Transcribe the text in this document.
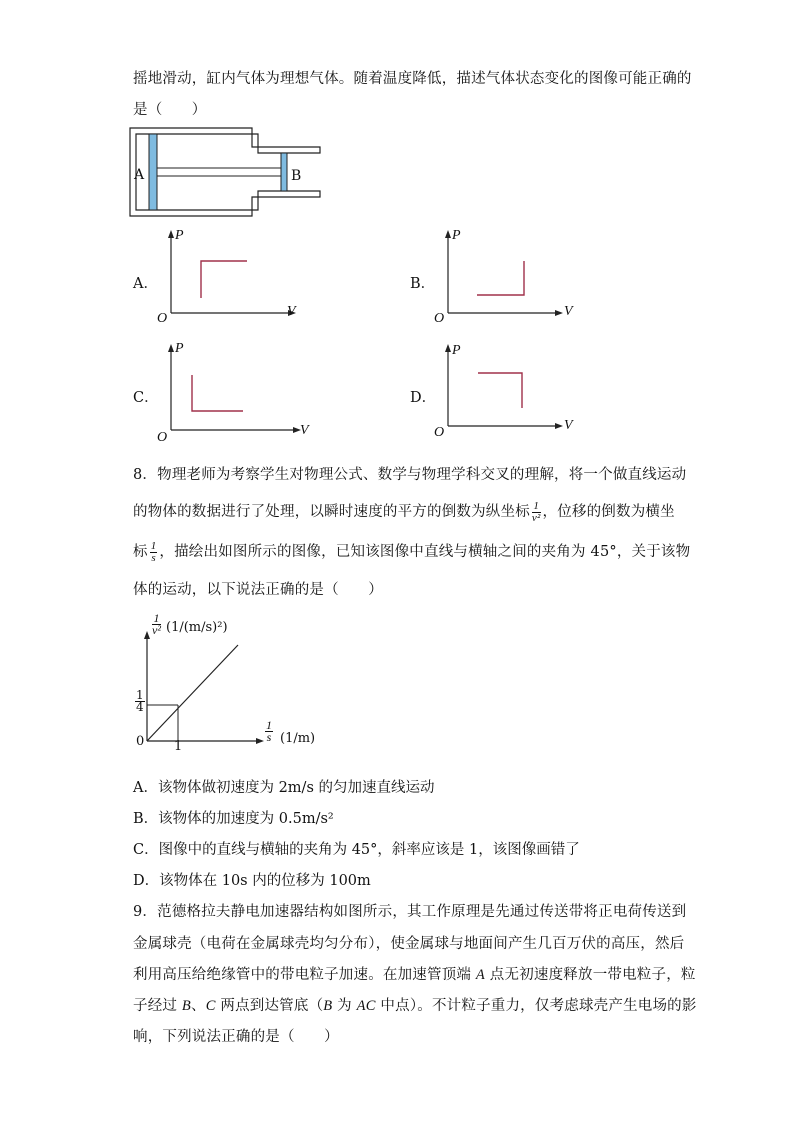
摇地滑动，缸内气体为理想气体。随着温度降低，描述气体状态变化的图像可能正确的
是（　　）
A	B
A．
P
V
O
B．
P
V
O
C．
P
V
O
D．
P
V
O
8．物理老师为考察学生对物理公式、数学与物理学科交叉的理解，将一个做直线运动
的物体的数据进行了处理，以瞬时速度的平方的倒数为纵坐标 $\frac{1}{\text{v²}}$ ，位移的倒数为横坐
标 $\frac{1}{s}$ ，描绘出如图所示的图像，已知该图像中直线与横轴之间的夹角为 45°，关于该物
体的运动，以下说法正确的是（　　）
$\frac{1}{\text{v²}} (1/(m/s)^2)$
$\frac{1}{s} (1/m)$
0
$\frac{1}{4}$
1
A．该物体做初速度为 2m/s 的匀加速直线运动
B．该物体的加速度为 0.5m/s²
C．图像中的直线与横轴的夹角为 45°，斜率应该是 1，该图像画错了
D．该物体在 10s 内的位移为 100m
9．范德格拉夫静电加速器结构如图所示，其工作原理是先通过传送带将正电荷传送到
金属球壳（电荷在金属球壳均匀分布），使金属球与地面间产生几百万伏的高压，然后
利用高压给绝缘管中的带电粒子加速。在加速管顶端 A 点无初速度释放一带电粒子，粒
子经过 B、C 两点到达管底（B 为 AC 中点）。不计粒子重力，仅考虑球壳产生电场的影
响，下列说法正确的是（　　）
